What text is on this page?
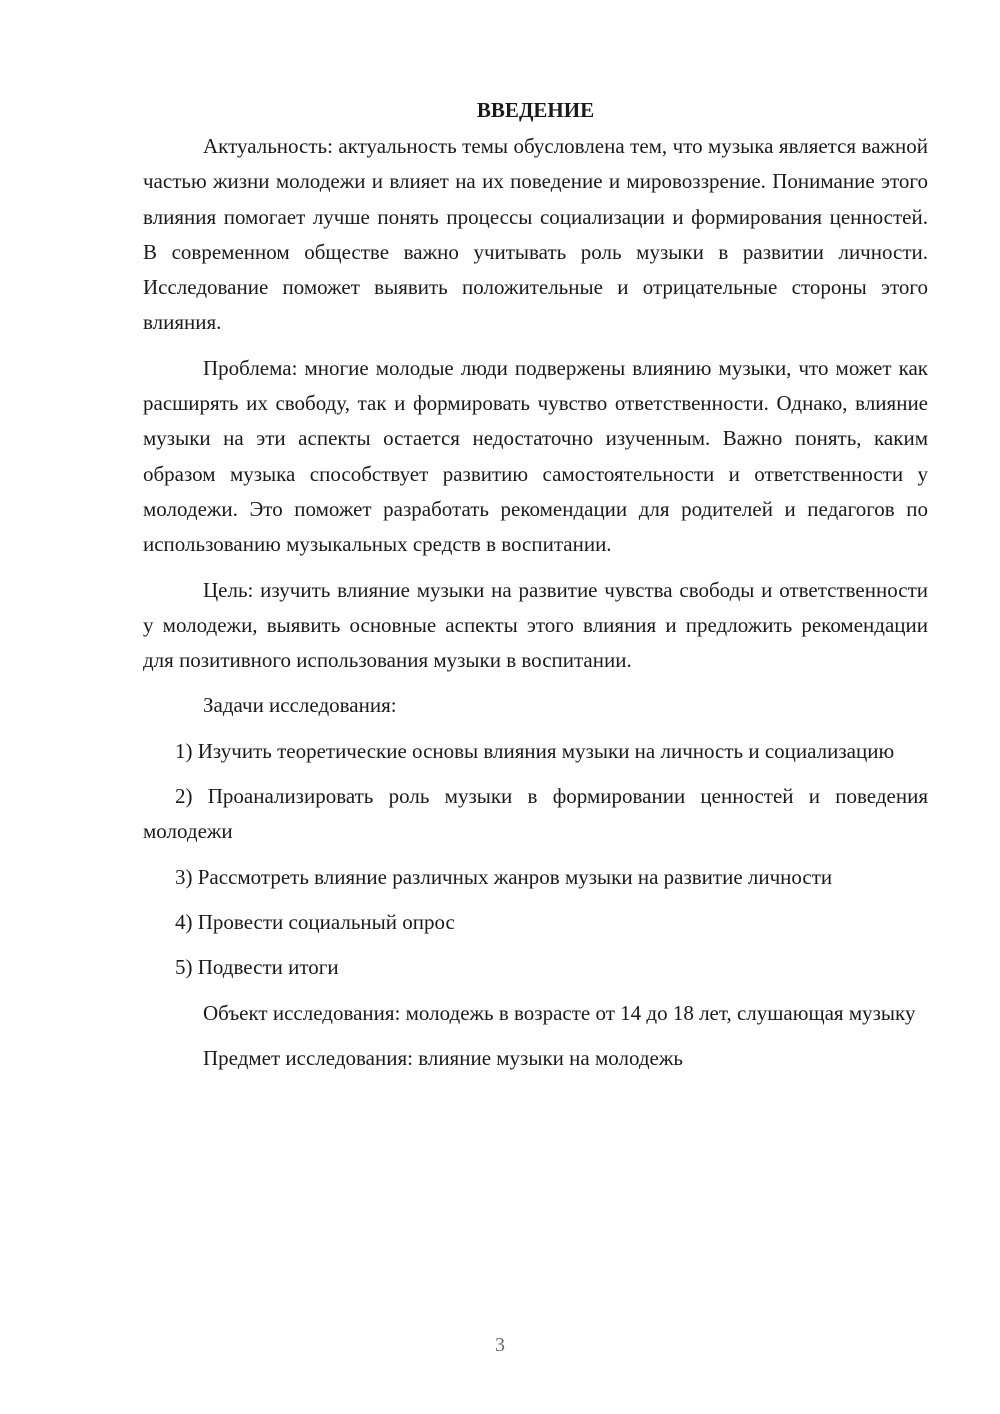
ВВЕДЕНИЕ

Актуальность: актуальность темы обусловлена тем, что музыка является важной частью жизни молодежи и влияет на их поведение и мировоззрение. Понимание этого влияния помогает лучше понять процессы социализации и формирования ценностей. В современном обществе важно учитывать роль музыки в развитии личности. Исследование поможет выявить положительные и отрицательные стороны этого влияния.

Проблема: многие молодые люди подвержены влиянию музыки, что может как расширять их свободу, так и формировать чувство ответственности. Однако, влияние музыки на эти аспекты остается недостаточно изученным. Важно понять, каким образом музыка способствует развитию самостоятельности и ответственности у молодежи. Это поможет разработать рекомендации для родителей и педагогов по использованию музыкальных средств в воспитании.

Цель: изучить влияние музыки на развитие чувства свободы и ответственности у молодежи, выявить основные аспекты этого влияния и предложить рекомендации для позитивного использования музыки в воспитании.

Задачи исследования:

1) Изучить теоретические основы влияния музыки на личность и социализацию

2) Проанализировать роль музыки в формировании ценностей и поведения молодежи

3) Рассмотреть влияние различных жанров музыки на развитие личности

4) Провести социальный опрос

5) Подвести итоги

Объект исследования: молодежь в возрасте от 14 до 18 лет, слушающая музыку

Предмет исследования: влияние музыки на молодежь

3
